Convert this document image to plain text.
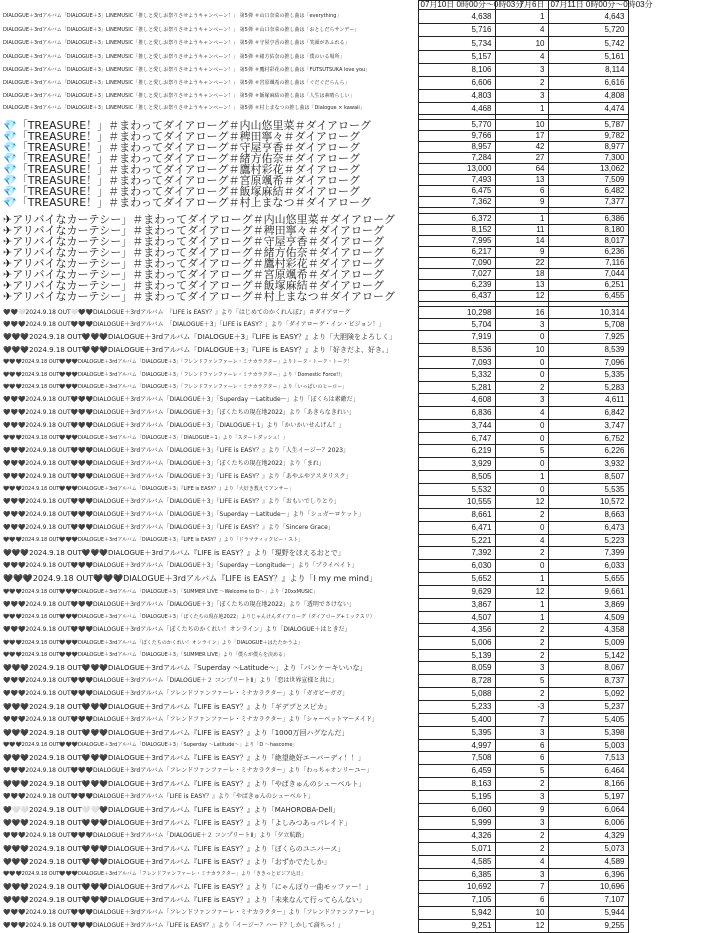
	07月10日 0時00分〜0時03分	7月6日	07月11日 0時00分〜0時03分	
DIALOGUE＋3rdアルバム「DIALOGUE＋3」LINEMUSIC「推しと愛しお祭りさせようキャンペーン！」 第5弾 ＃山口奈菜の推し曲は「everything」	4,638	1	4,643	
DIALOGUE＋3rdアルバム「DIALOGUE＋3」LINEMUSIC「推しと愛しお祭りさせようキャンペーン！」 第5弾 ＃山口奈菜の推し曲は「おとしだらサンデー」	5,716	4	5,720	
DIALOGUE＋3rdアルバム「DIALOGUE＋3」LINEMUSIC「推しと愛しお祭りさせようキャンペーン！」 第5弾 ＃守屋亨香の推し曲は「笑顔があふれる」	5,734	10	5,742	
DIALOGUE＋3rdアルバム「DIALOGUE＋3」LINEMUSIC「推しと愛しお祭りさせようキャンペーン！」 第5弾 ＃緒方佑奈の推し曲は「僕のいる場所」	5,157	4	5,161	
DIALOGUE＋3rdアルバム「DIALOGUE＋3」LINEMUSIC「推しと愛しお祭りさせようキャンペーン！」 第5弾 ＃鷹村彩花の推し曲は「FUTSUTSUKA love you」	8,106	3	8,114	
DIALOGUE＋3rdアルバム「DIALOGUE＋3」LINEMUSIC「推しと愛しお祭りさせようキャンペーン！」 第5弾 ＃宮原颯希の推し曲は「ぐだぐだらんら」	6,606	2	6,616	
DIALOGUE＋3rdアルバム「DIALOGUE＋3」LINEMUSIC「推しと愛しお祭りさせようキャンペーン！」 第5弾 ＃飯塚麻結の推し曲は「人生は素晴らしい」	4,803	3	4,808	
DIALOGUE＋3rdアルバム「DIALOGUE＋3」LINEMUSIC「推しと愛しお祭りさせようキャンペーン！」 第5弾 ＃村上まなつの推し曲は「Dialogue × kawaii」	4,468	1	4,474	

💎「TREASURE！」＃まわってダイアローグ＃内山悠里菜＃ダイアローグ	5,770	10	5,787	
💎「TREASURE！」＃まわってダイアローグ＃稗田寧々＃ダイアローグ	9,766	17	9,782	
💎「TREASURE！」＃まわってダイアローグ＃守屋亨香＃ダイアローグ	8,957	42	8,977	
💎「TREASURE！」＃まわってダイアローグ＃緒方佑奈＃ダイアローグ	7,284	27	7,300	
💎「TREASURE！」＃まわってダイアローグ＃鷹村彩花＃ダイアローグ	13,000	64	13,062	
💎「TREASURE！」＃まわってダイアローグ＃宮原颯希＃ダイアローグ	7,493	13	7,509	
💎「TREASURE！」＃まわってダイアローグ＃飯塚麻結＃ダイアローグ	6,475	6	6,482	
💎「TREASURE！」＃まわってダイアローグ＃村上まなつ＃ダイアローグ	7,362	9	7,377	

✈アリバイなカーテシー」＃まわってダイアローグ＃内山悠里菜＃ダイアローグ	6,372	1	6,386	
✈アリバイなカーテシー」＃まわってダイアローグ＃稗田寧々＃ダイアローグ	8,152	11	8,180	
✈アリバイなカーテシー」＃まわってダイアローグ＃守屋亨香＃ダイアローグ	7,995	14	8,017	
✈アリバイなカーテシー」＃まわってダイアローグ＃緒方佑奈＃ダイアローグ	6,217	9	6,236	
✈アリバイなカーテシー」＃まわってダイアローグ＃鷹村彩花＃ダイアローグ	7,090	22	7,116	
✈アリバイなカーテシー」＃まわってダイアローグ＃宮原颯希＃ダイアローグ	7,027	18	7,044	
✈アリバイなカーテシー」＃まわってダイアローグ＃飯塚麻結＃ダイアローグ	6,239	13	6,251	
✈アリバイなカーテシー」＃まわってダイアローグ＃村上まなつ＃ダイアローグ	6,437	12	6,455	

🖤🖤🤍2024.9.18 OUT🤍🖤🖤DIALOGUE＋3rdアルバム　『LIFE is EASY？』より「はじめてのかくれんぼ♪」＃ダイアローグ	10,298	16	10,314	
🖤🖤🖤2024.9.18 OUT🖤🖤🖤DIALOGUE＋3rdアルバム　「DIALOGUE＋3」「LIFE is EASY？」より「ダイアローグ・イン・ビジョン！」	5,704	3	5,708	
🖤🖤🖤2024.9.18 OUT🖤🖤🖤DIALOGUE＋3rdアルバム「DIALOGUE＋3」『LIFE is EASY？』より「大胆険をよろしく」	7,919	0	7,925	
🖤🖤🖤2024.9.18 OUT🖤🖤🖤DIALOGUE＋3rdアルバム「DIALOGUE＋3」『LIFE is EASY？』より「好きだよ、好き。」	8,536	10	8,539	
🖤🖤🖤2024.9.18 OUT🖤🖤🖤DIALOGUE＋3rdアルバム「DIALOGUE＋3」「フレンドファンファーレ・ミナカラクター」よりトーク・トーク・トーク！	7,093	0	7,096	
🖤🖤🖤2024.9.18 OUT🖤🖤🖤DIALOGUE＋3rdアルバム「DIALOGUE＋3」「フレンドファンファーレ・ミナカラクター」より「Domestic Force!!」	5,332	0	5,335	
🖤🖤🖤2024.9.18 OUT🖤🖤🖤DIALOGUE＋3rdアルバム「DIALOGUE＋3」「フレンドファンファーレ・ミナカラクター」より「いっぱいのヒーロー」	5,281	2	5,283	
🖤🖤🖤2024.9.18 OUT🖤🖤🖤DIALOGUE＋3rdアルバム「DIALOGUE＋3」「Superday ～Latitude～」より「ぼくらは素敵だ」	4,608	3	4,611	
🖤🖤🖤2024.9.18 OUT🖤🖤🖤DIALOGUE＋3rdアルバム「DIALOGUE＋3」「ぼくたちの現在地2022」より「あきらなきれい」	6,836	4	6,842	
🖤🖤🖤2024.9.18 OUT🖤🖤🖤DIALOGUE＋3rdアルバム「DIALOGUE＋3」「DIALOGUE＋1」より「かいかいせんげん！」	3,744	0	3,747	
🖤🖤🖤2024.9.18 OUT🖤🖤🖤DIALOGUE＋3rdアルバム「DIALOGUE＋3」「DIALOGUE＋1」より「スタートダッシュ！」	6,747	0	6,752	
🖤🖤🖤2024.9.18 OUT🖤🖤🖤DIALOGUE＋3rdアルバム「DIALOGUE＋3」『LIFE is EASY？』より「人生イージー？2023」	6,219	5	6,226	
🖤🖤🖤2024.9.18 OUT🖤🖤🖤DIALOGUE＋3rdアルバム「DIALOGUE＋3」「ぼくたちの現在地2022」より「まれ」	3,929	0	3,932	
🖤🖤🖤2024.9.18 OUT🖤🖤🖤DIALOGUE＋3rdアルバム「DIALOGUE＋3」『LIFE is EASY？』より「あやふやアスタリスク」	8,505	1	8,507	
🖤🖤🖤2024.9.18 OUT🖤🖤🖤DIALOGUE＋3rdアルバム「DIALOGUE＋3」『LIFE is EASY？』より「大好き教えてアンサー」	5,532	0	5,535	
🖤🖤🖤2024.9.18 OUT🖤🖤🖤DIALOGUE＋3rdアルバム「DIALOGUE＋3」『LIFE is EASY？』より「おもいでしりとり」	10,555	12	10,572	
🖤🖤🖤2024.9.18 OUT🖤🖤🖤DIALOGUE＋3rdアルバム「DIALOGUE＋3」「Superday ～Latitude～」より「シュガーロケット」	8,661	2	8,663	
🖤🖤🖤2024.9.18 OUT🖤🖤🖤DIALOGUE＋3rdアルバム「DIALOGUE＋3」『LIFE is EASY？』より「Sincere Grace」	6,471	0	6,473	
🖤🖤🖤2024.9.18 OUT🖤🖤🖤DIALOGUE＋3rdアルバム「DIALOGUE＋3」『LIFE is EASY？』より「ドラマティックビー・スト」	5,221	4	5,223	
🖤🖤🖤2024.9.18 OUT🖤🖤🖤DIALOGUE＋3rdアルバム『LIFE is EASY？』より「現野をほえるおとで」	7,392	2	7,399	
🖤🖤🖤2024.9.18 OUT🖤🖤🖤DIALOGUE＋3rdアルバム「DIALOGUE＋3」「Superday ～Longitude～」より「プライベイト」	6,030	0	6,033	
🖤🖤🖤2024.9.18 OUT🖤🖤🖤DIALOGUE＋3rdアルバム『LIFE is EASY？』より「I my me mind」	5,652	1	5,655	
🖤🖤🖤2024.9.18 OUT🖤🖤🖤DIALOGUE＋3rdアルバム「DIALOGUE＋3」「SUMMER LIVE ～Welcome to D～」より「20xxMUSIC」	9,629	12	9,661	
🖤🖤🖤2024.9.18 OUT🖤🖤🖤DIALOGUE＋3rdアルバム「DIALOGUE＋3」「ぼくたちの現在地2022」より「透明でさけない」	3,867	1	3,869	
🖤🖤🖤2024.9.18 OUT🖤🖤🖤DIALOGUE＋3rdアルバム「DIALOGUE＋3」「ぼくたちの現在地2022」よりじゃんけんダイアローグ（ダイアローグ+ミックスリ）	4,507	1	4,509	
🖤🖤🖤2024.9.18 OUT🖤🖤🖤DIALOGUE＋3rdアルバム「ぼくたちのかくれい！オンライン」より「DIALOGUE＋はときだ」	4,356	2	4,358	
🖤🖤🖤2024.9.18 OUT🖤🖤🖤DIALOGUE＋3rdアルバム「ぼくたちのかくれい！オンライン」より「DIALOGUE＋はたたかうよ」	5,006	2	5,009	
🖤🖤🖤2024.9.18 OUT🖤🖤🖤DIALOGUE＋3rdアルバム「DIALOGUE＋3」「SUMMER LIVE」より「僕らが僕らを決める」	5,139	2	5,142	
🖤🖤🖤2024.9.18 OUT🖤🖤🖤DIALOGUE＋3rdアルバム「Superday ～Latitude～」より「バンケーキいいな」	8,059	3	8,067	
🖤🖤🖤2024.9.18 OUT🖤🖤🖤DIALOGUE＋3rdアルバム「DIALOGUE＋２ コンプリートⅡ」より「恋は世界宣様と共に」	8,728	5	8,737	
🖤🖤🖤2024.9.18 OUT🖤🖤🖤DIALOGUE＋3rdアルバム「フレンドファンファーレ・ミナカラクター」より「ガガビーガガ」	5,088	2	5,092	
🖤🖤🖤2024.9.18 OUT🖤🖤🖤DIALOGUE＋3rdアルバム『LIFE is EASY？』より「ギデブとスピカ」	5,233	-3	5,237	
🖤🖤🖤2024.9.18 OUT🖤🖤🖤DIALOGUE＋3rdアルバム「フレンドファンファーレ・ミナカラクター」より「シャーベットマーメイド」	5,400	7	5,405	
🖤🖤🖤2024.9.18 OUT🖤🖤🖤DIALOGUE＋3rdアルバム『LIFE is EASY？』より「1000万回ハグなんだ」	5,395	3	5,398	
🖤🖤🖤2024.9.18 OUT🖤🖤🖤DIALOGUE＋3rdアルバム「DIALOGUE＋3」「Superday ～Latitude～」より「D ～hascome」	4,997	6	5,003	
🖤🖤🖤2024.9.18 OUT🖤🖤🖤DIALOGUE＋3rdアルバム『LIFE is EASY？』より「絶望絶好エーバーディ！！」	7,508	6	7,513	
🖤🖤🖤2024.9.18 OUT🖤🖤🖤DIALOGUE＋3rdアルバム「フレンドファンファーレ・ミナカラクター」より「わっちゃオンリーユー」	6,459	5	6,464	
🖤🖤🖤2024.9.18 OUT🖤🖤🖤DIALOGUE＋3rdアルバム『LIFE is EASY？』より「やばきゅんのシューベルト」	8,163	2	8,166	
🖤🖤🖤2024.9.18 OUT🖤🖤🖤DIALOGUE＋3rdアルバム『LIFE is EASY？』より「やばきゅんのシューベルト」	5,195	3	5,197	
🖤🤍🤍2024.9.18 OUT🤍🤍🖤DIALOGUE＋3rdアルバム『LIFE is EASY？』より「MAHOROBA-Dell」	6,060	9	6,064	
🖤🖤🖤2024.9.18 OUT🖤🖤🖤DIALOGUE＋3rdアルバム『LIFE is EASY？』より「よしみつあっパレイド」	5,999	3	6,006	
🖤🖤🖤2024.9.18 OUT🖤🖤🖤DIALOGUE＋3rdアルバム「DIALOGUE＋２ コンプリートⅡ」より「夕立航路」	4,326	2	4,329	
🖤🖤🖤2024.9.18 OUT🖤🖤🖤DIALOGUE＋3rdアルバム『LIFE is EASY？』より「ぼくらのユニバース」	5,071	2	5,073	
🖤🖤🖤2024.9.18 OUT🖤🖤🖤DIALOGUE＋3rdアルバム『LIFE is EASY？』より「おずかでたしか」	4,585	4	4,589	
🖤🖤🖤2024.9.18 OUT🖤🖤🖤DIALOGUE＋3rdアルバム「フレンドファンファーレ・ミナカラクター」より「ききっとピジア込日」	6,385	3	6,396	
🖤🖤🖤2024.9.18 OUT🖤🖤🖤DIALOGUE＋3rdアルバム『LIFE is EASY？』より「にゃんぽり一曲モッファー！」	10,692	7	10,696	
🖤🖤🖤2024.9.18 OUT🖤🖤🖤DIALOGUE＋3rdアルバム『LIFE is EASY？』より「未来なんて行ってらんない」	7,105	6	7,107	
🖤🖤🖤2024.9.18 OUT🖤🖤🖤DIALOGUE＋3rdアルバム「フレンドファンファーレ・ミナカラクター」より「フレンドファンファーレ」	5,942	10	5,944	
🖤🖤🖤2024.9.18 OUT🖤🖤🖤DIALOGUE＋3rdアルバム『LIFE is EASY？』より「イージー？ハード？しかして満ちっ！」	9,251	12	9,255	
